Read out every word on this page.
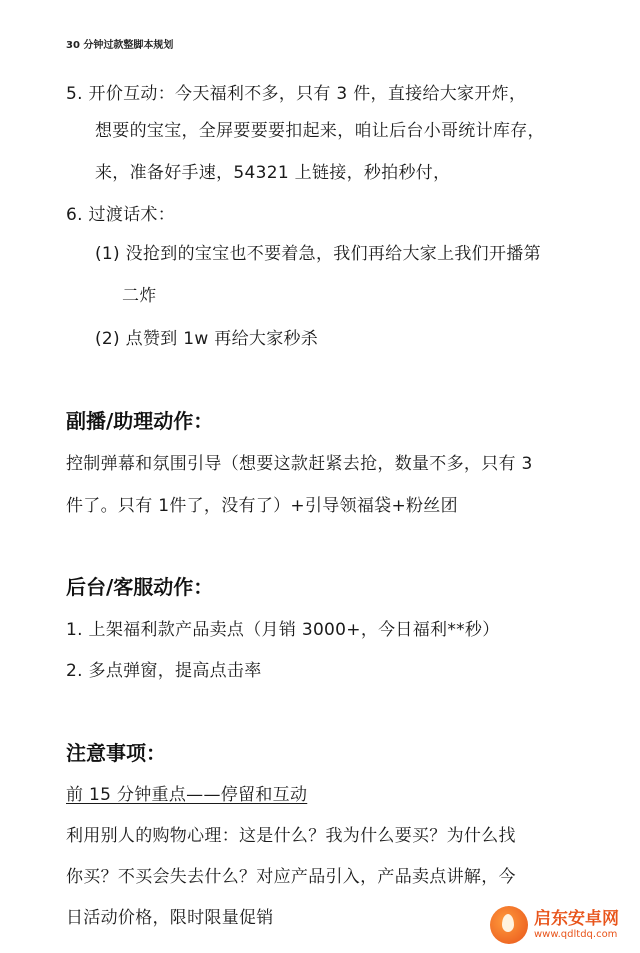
30 分钟过款整脚本规划
5. 开价互动：今天福利不多，只有 3 件，直接给大家开炸，
想要的宝宝，全屏要要要扣起来，咱让后台小哥统计库存，
来，准备好手速，54321 上链接，秒拍秒付，
6. 过渡话术：
(1) 没抢到的宝宝也不要着急，我们再给大家上我们开播第
二炸
(2) 点赞到 1w 再给大家秒杀
副播/助理动作：
控制弹幕和氛围引导（想要这款赶紧去抢，数量不多，只有 3
件了。只有 1件了，没有了）+引导领福袋+粉丝团
后台/客服动作：
1. 上架福利款产品卖点（月销 3000+，今日福利**秒）
2. 多点弹窗，提高点击率
注意事项：
前 15 分钟重点——停留和互动
利用别人的购物心理：这是什么？我为什么要买？为什么找
你买？不买会失去什么？对应产品引入，产品卖点讲解，今
日活动价格，限时限量促销	启东安卓网
www.qdltdq.com
